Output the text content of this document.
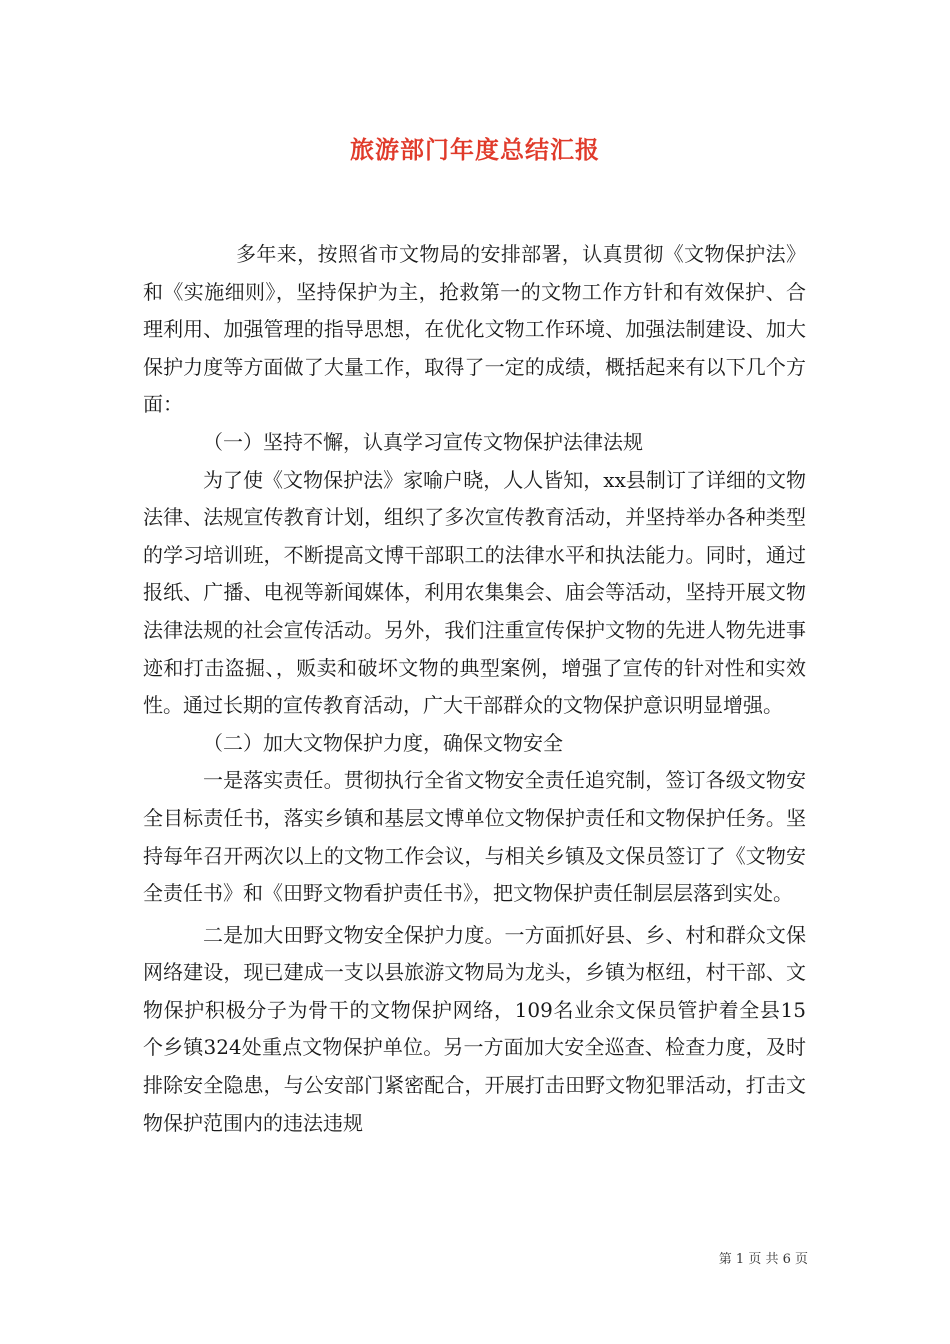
旅游部门年度总结汇报

多年来，按照省市文物局的安排部署，认真贯彻《文物保护法》和《实施细则》，坚持保护为主，抢救第一的文物工作方针和有效保护、合理利用、加强管理的指导思想，在优化文物工作环境、加强法制建设、加大保护力度等方面做了大量工作，取得了一定的成绩，概括起来有以下几个方面：

（一）坚持不懈，认真学习宣传文物保护法律法规

为了使《文物保护法》家喻户晓，人人皆知，xx县制订了详细的文物法律、法规宣传教育计划，组织了多次宣传教育活动，并坚持举办各种类型的学习培训班，不断提高文博干部职工的法律水平和执法能力。同时，通过报纸、广播、电视等新闻媒体，利用农集集会、庙会等活动，坚持开展文物法律法规的社会宣传活动。另外，我们注重宣传保护文物的先进人物先进事迹和打击盗掘、，贩卖和破坏文物的典型案例，增强了宣传的针对性和实效性。通过长期的宣传教育活动，广大干部群众的文物保护意识明显增强。

（二）加大文物保护力度，确保文物安全

一是落实责任。贯彻执行全省文物安全责任追究制，签订各级文物安全目标责任书，落实乡镇和基层文博单位文物保护责任和文物保护任务。坚持每年召开两次以上的文物工作会议，与相关乡镇及文保员签订了《文物安全责任书》和《田野文物看护责任书》，把文物保护责任制层层落到实处。

二是加大田野文物安全保护力度。一方面抓好县、乡、村和群众文保网络建设，现已建成一支以县旅游文物局为龙头，乡镇为枢纽，村干部、文物保护积极分子为骨干的文物保护网络，109名业余文保员管护着全县15个乡镇324处重点文物保护单位。另一方面加大安全巡查、检查力度，及时排除安全隐患，与公安部门紧密配合，开展打击田野文物犯罪活动，打击文物保护范围内的违法违规

第 1 页 共 6 页
